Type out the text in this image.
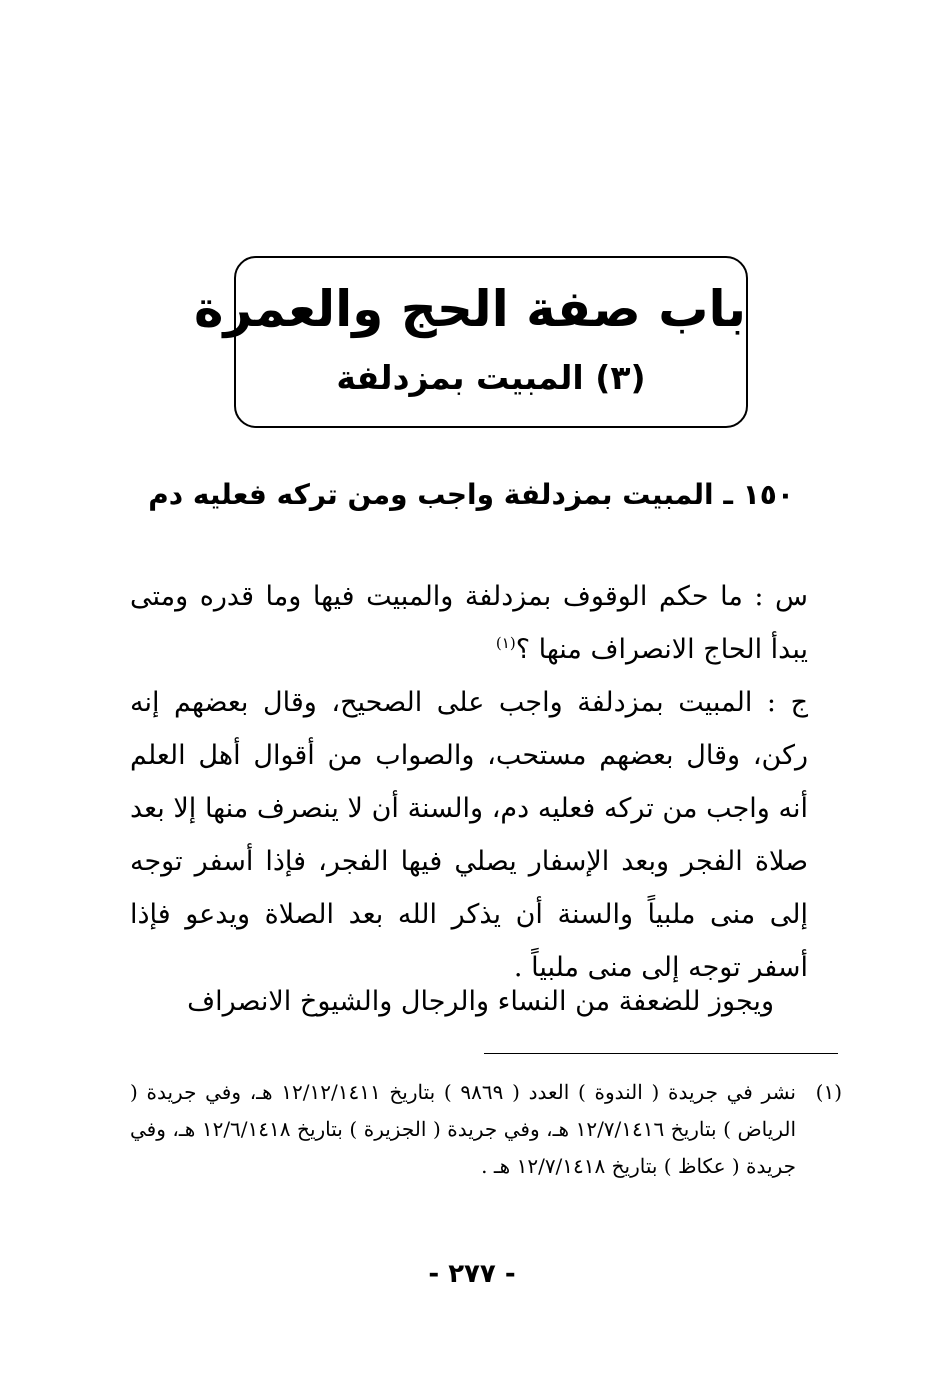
باب صفة الحج والعمرة
(٣) المبيت بمزدلفة
١٥٠ ـ المبيت بمزدلفة واجب ومن تركه فعليه دم
س : ما حكم الوقوف بمزدلفة والمبيت فيها وما قدره ومتى يبدأ الحاج الانصراف منها ؟$^{(١)}$
ج : المبيت بمزدلفة واجب على الصحيح، وقال بعضهم إنه ركن، وقال بعضهم مستحب، والصواب من أقوال أهل العلم أنه واجب من تركه فعليه دم، والسنة أن لا ينصرف منها إلا بعد صلاة الفجر وبعد الإسفار يصلي فيها الفجر، فإذا أسفر توجه إلى منى ملبياً والسنة أن يذكر الله بعد الصلاة ويدعو فإذا أسفر توجه إلى منى ملبياً .
ويجوز للضعفة من النساء والرجال والشيوخ الانصراف
(١)
نشر في جريدة ( الندوة ) العدد ( ٩٨٦٩ ) بتاريخ ١٢/١٢/١٤١١ هـ، وفي جريدة ( الرياض ) بتاريخ ١٢/٧/١٤١٦ هـ، وفي جريدة ( الجزيرة ) بتاريخ ١٢/٦/١٤١٨ هـ، وفي جريدة ( عكاظ ) بتاريخ ١٢/٧/١٤١٨ هـ .
- ٢٧٧ -
